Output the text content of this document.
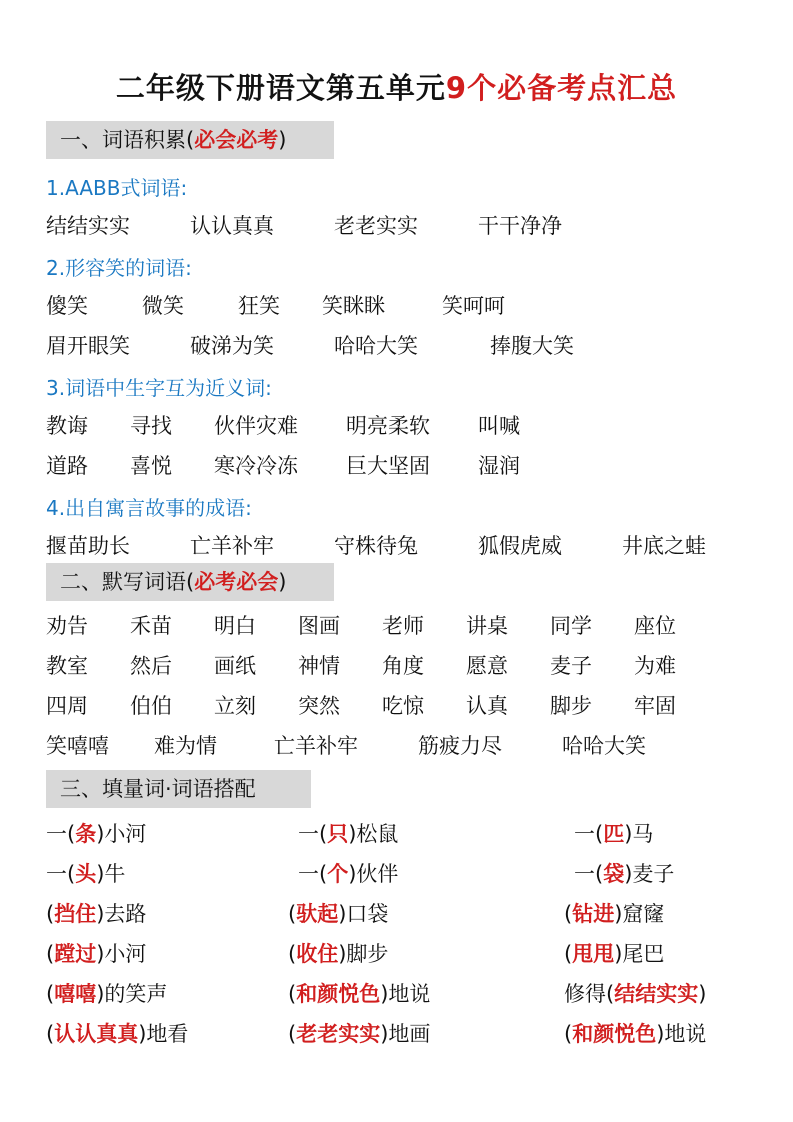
二年级下册语文第五单元9个必备考点汇总
一、词语积累(必会必考)
1.AABB式词语:
结结实实	认认真真	老老实实	干干净净
2.形容笑的词语:
傻笑	微笑	狂笑 笑眯眯	笑呵呵
眉开眼笑	破涕为笑	哈哈大笑	捧腹大笑
3.词语中生字互为近义词:
教诲 寻找 伙伴灾难 明亮柔软 叫喊
道路 喜悦 寒冷冷冻 巨大坚固 湿润
4.出自寓言故事的成语:
揠苗助长	亡羊补牢	守株待兔	狐假虎威	井底之蛙
二、默写词语(必考必会)
劝告 禾苗 明白 图画 老师 讲桌 同学 座位
教室 然后 画纸 神情 角度 愿意 麦子 为难
四周 伯伯 立刻 突然 吃惊 认真 脚步 牢固
笑嘻嘻 难为情	亡羊补牢	筋疲力尽	哈哈大笑
三、填量词·词语搭配
一(条)小河	一(只)松鼠	一(匹)马
一(头)牛	一(个)伙伴	一(袋)麦子
(挡住)去路	(驮起)口袋	(钻进)窟窿
(蹚过)小河	(收住)脚步	(甩甩)尾巴
(嘻嘻)的笑声	(和颜悦色)地说	修得(结结实实)
(认认真真)地看	(老老实实)地画	(和颜悦色)地说
